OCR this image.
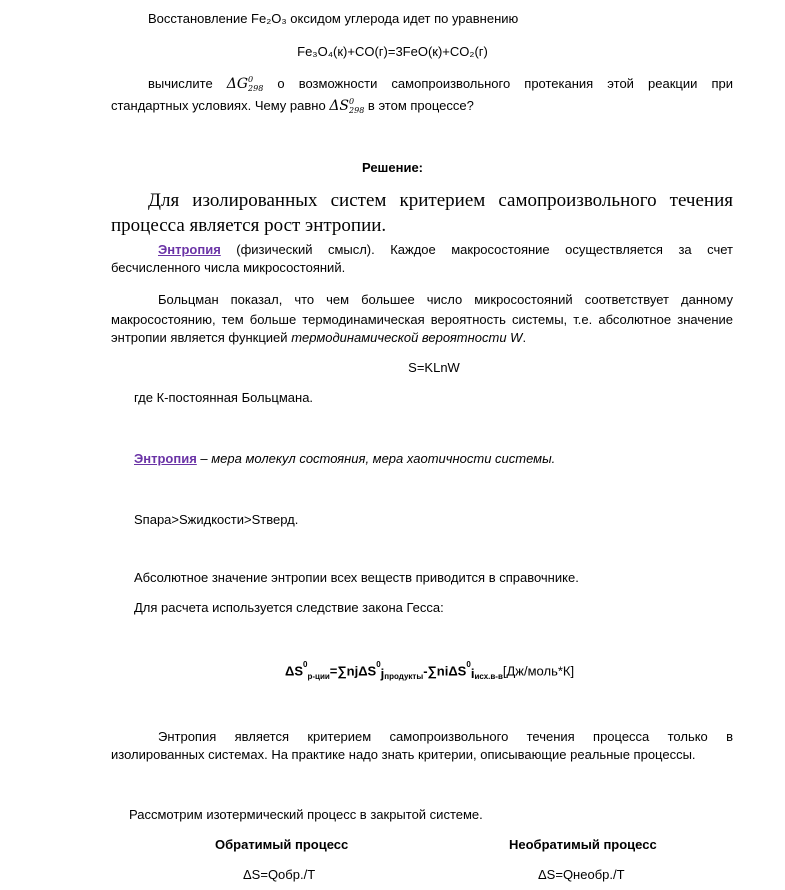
Восстановление Fe₂O₃ оксидом углерода идет по уравнению
Fe₃O₄(к)+CO(г)=3FeO(к)+CO₂(г)
вычислите ΔG 0
298 о возможности самопроизвольного протекания этой реакции при
стандартных условиях. Чему равно ΔS 0
298 в этом процессе?
Решение:
Для изолированных систем критерием самопроизвольного течения
процесса является рост энтропии.
Энтропия (физический смысл). Каждое макросостояние осуществляется за счет
бесчисленного числа микросостояний.
Больцман показал, что чем большее число микросостояний соответствует данному
макросостоянию, тем больше термодинамическая вероятность системы, т.е. абсолютное значение
энтропии является функцией термодинамической вероятности W.
S=KLnW
где К-постоянная Больцмана.
Энтропия – мера молекул состояния, мера хаотичности системы.
Sпара>Sжидкости>Sтверд.
Абсолютное значение энтропии всех веществ приводится в справочнике.
Для расчета используется следствие закона Гесса:
$\Delta S^0_{р-ции}=\sum nj\Delta S^0j_{продукты}-\sum ni\Delta S^0i_{исх.в-в}[Дж/моль*К]$
Энтропия является критерием самопроизвольного течения процесса только в
изолированных системах. На практике надо знать критерии, описывающие реальные процессы.
Рассмотрим изотермический процесс в закрытой системе.
Обратимый процесс	Необратимый процесс
ΔS=Qобр./T	ΔS=Qнеобр./T
